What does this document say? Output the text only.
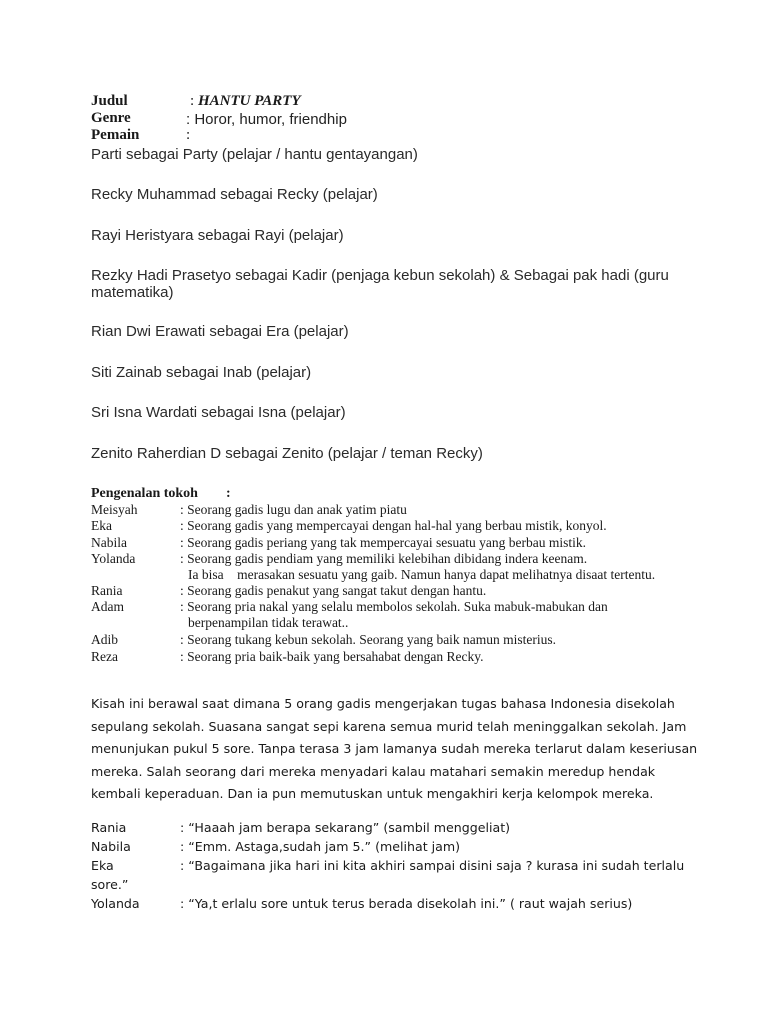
Judul	: HANTU PARTY
Genre	: Horor, humor, friendhip
Pemain	:
Parti sebagai Party (pelajar / hantu gentayangan)
Recky Muhammad sebagai Recky (pelajar)
Rayi Heristyara sebagai Rayi (pelajar)
Rezky Hadi Prasetyo sebagai Kadir (penjaga kebun sekolah) & Sebagai pak hadi (guru
matematika)
Rian Dwi Erawati sebagai Era (pelajar)
Siti Zainab sebagai Inab (pelajar)
Sri Isna Wardati sebagai Isna (pelajar)
Zenito Raherdian D sebagai Zenito (pelajar / teman Recky)
Pengenalan tokoh :
Meisyah	: Seorang gadis lugu dan anak yatim piatu
Eka	: Seorang gadis yang mempercayai dengan hal-hal yang berbau mistik, konyol.
Nabila	: Seorang gadis periang yang tak mempercayai sesuatu yang berbau mistik.
Yolanda	: Seorang gadis pendiam yang memiliki kelebihan dibidang indera keenam.
Ia bisa    merasakan sesuatu yang gaib. Namun hanya dapat melihatnya disaat tertentu.
Rania	: Seorang gadis penakut yang sangat takut dengan hantu.
Adam	: Seorang pria nakal yang selalu membolos sekolah. Suka mabuk-mabukan dan
berpenampilan tidak terawat..
Adib	: Seorang tukang kebun sekolah. Seorang yang baik namun misterius.
Reza	: Seorang pria baik-baik yang bersahabat dengan Recky.
Kisah ini berawal saat dimana 5 orang gadis mengerjakan tugas bahasa Indonesia disekolah
sepulang sekolah. Suasana sangat sepi karena semua murid telah meninggalkan sekolah. Jam
menunjukan pukul 5 sore. Tanpa terasa 3 jam lamanya sudah mereka terlarut dalam keseriusan
mereka. Salah seorang dari mereka menyadari kalau matahari semakin meredup hendak
kembali keperaduan. Dan ia pun memutuskan untuk mengakhiri kerja kelompok mereka.
Rania	: “Haaah jam berapa sekarang” (sambil menggeliat)
Nabila	: “Emm. Astaga,sudah jam 5.” (melihat jam)
Eka	: “Bagaimana jika hari ini kita akhiri sampai disini saja ? kurasa ini sudah terlalu
sore.”
Yolanda	: “Ya,t erlalu sore untuk terus berada disekolah ini.” ( raut wajah serius)
